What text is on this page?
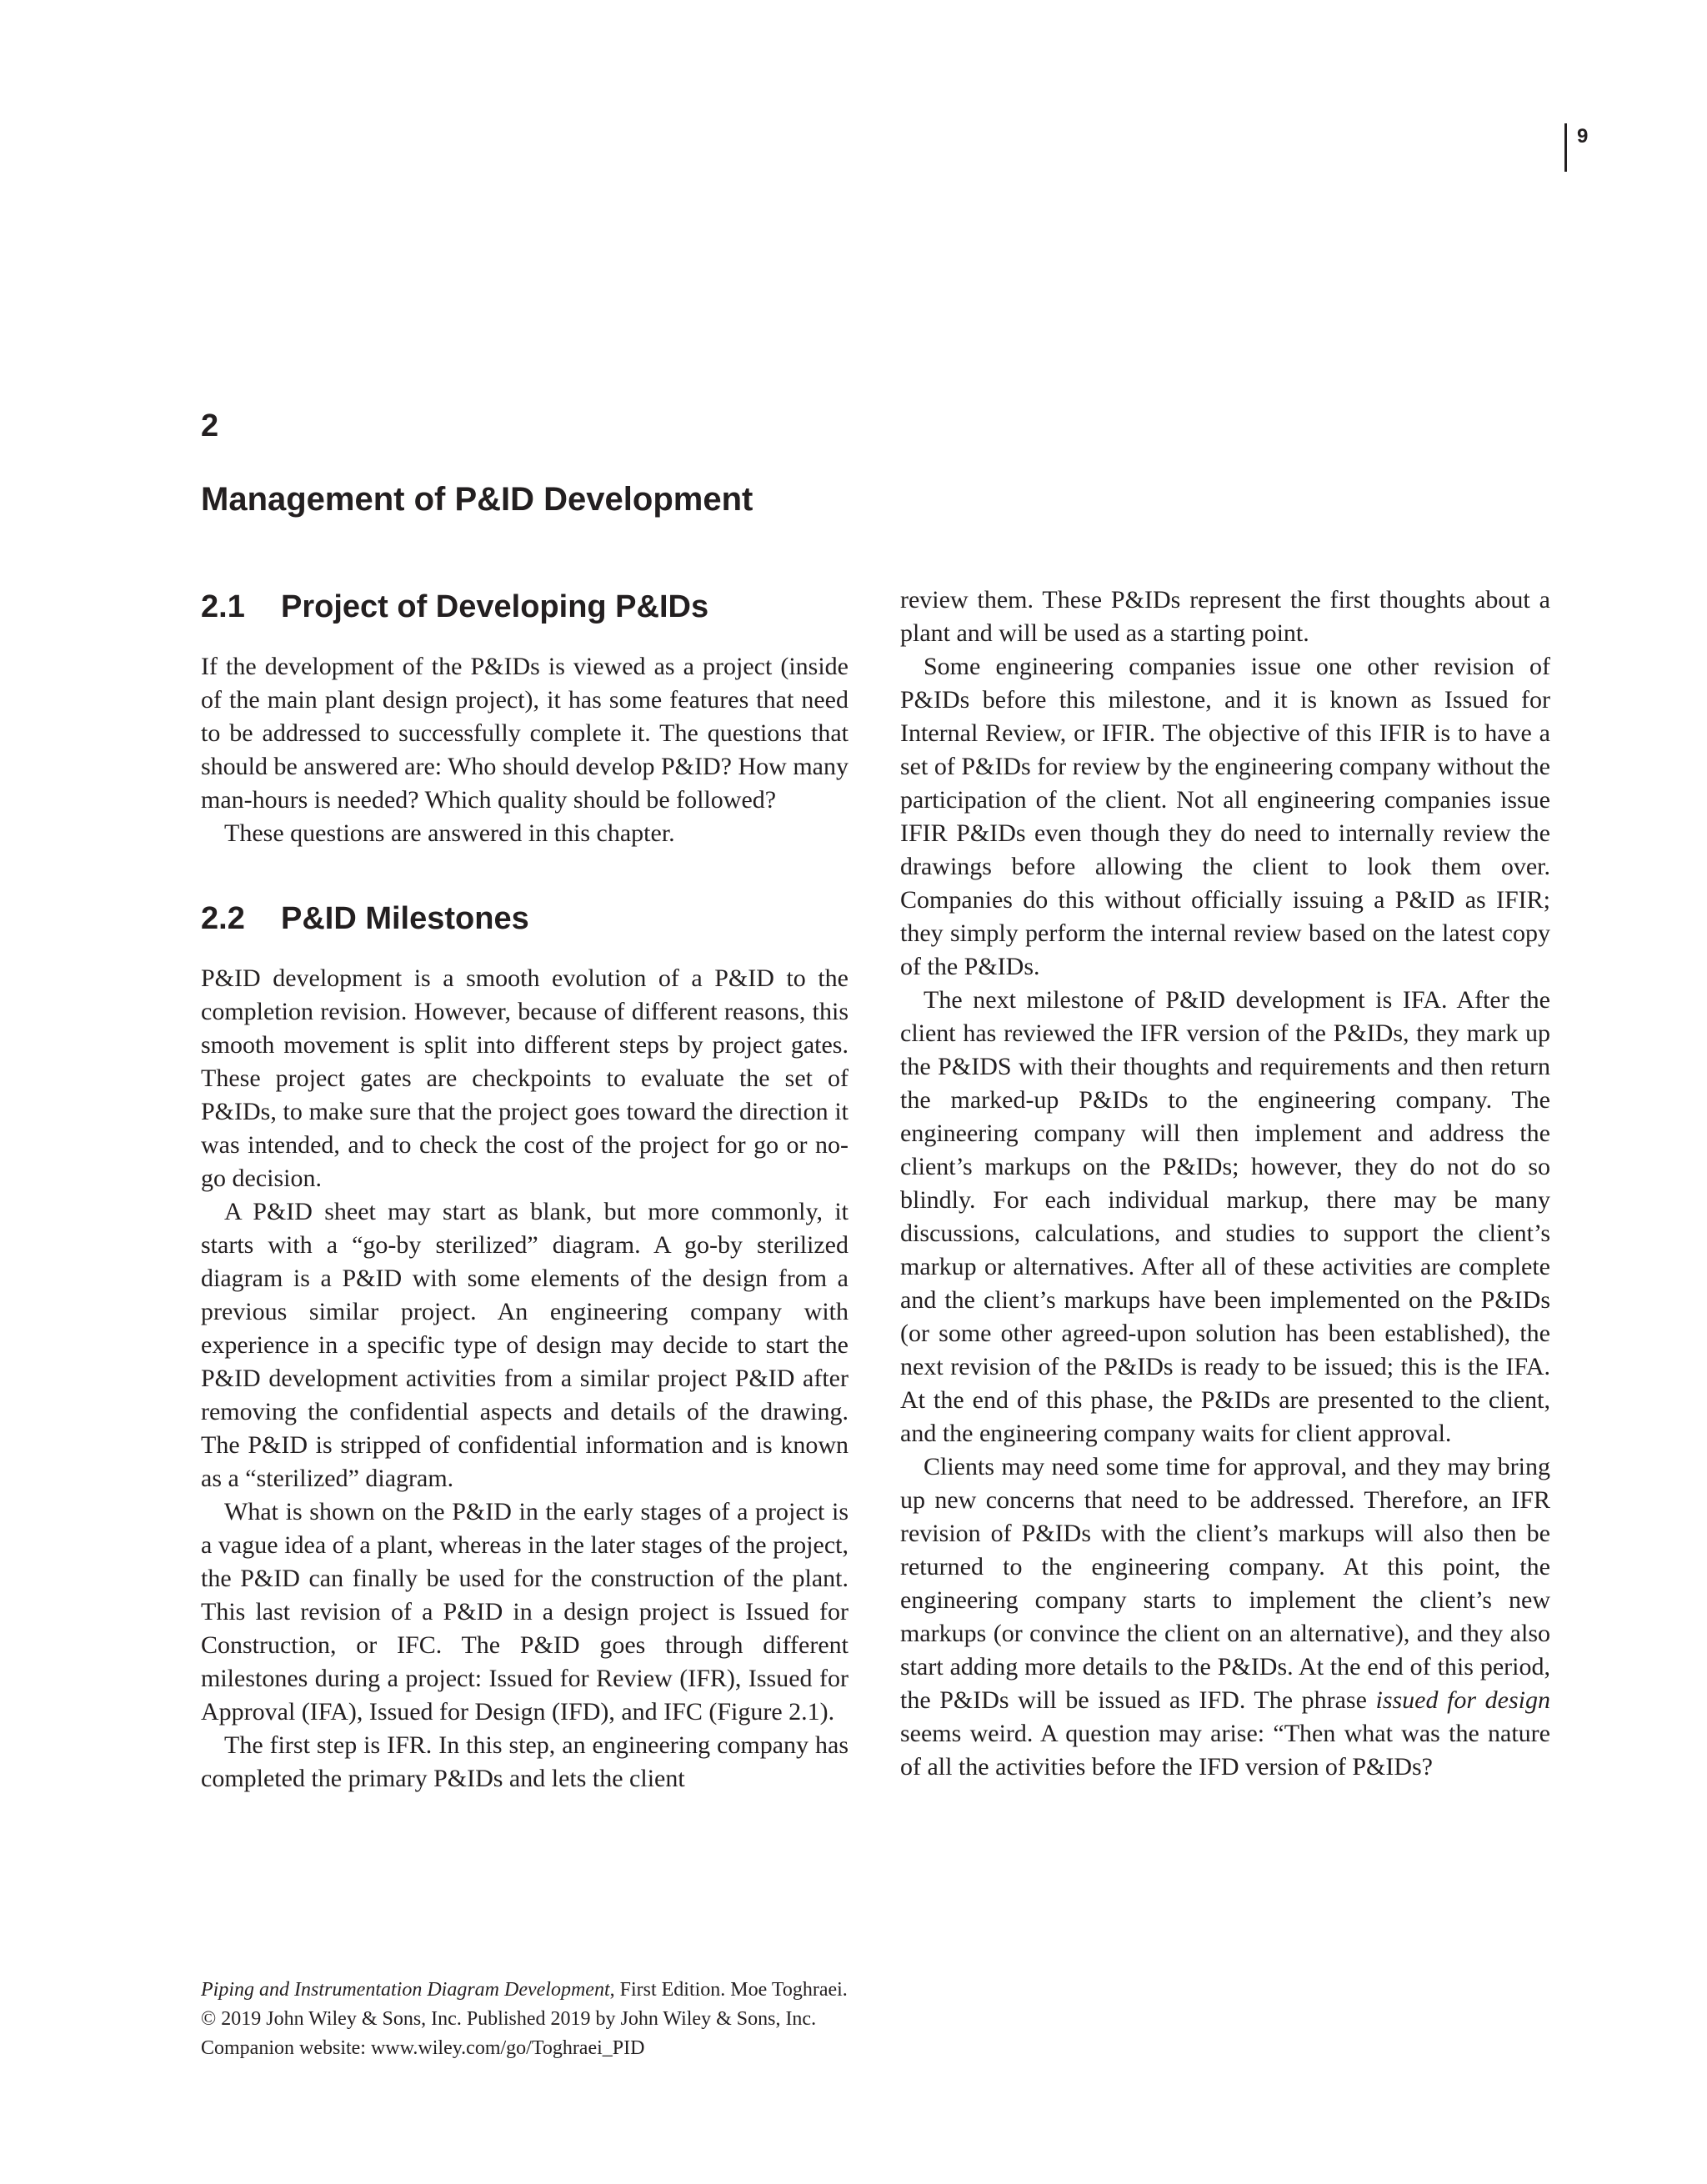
9
2
Management of P&ID Development
2.1 Project of Developing P&IDs

If the development of the P&IDs is viewed as a project (inside of the main plant design project), it has some features that need to be addressed to successfully complete it. The questions that should be answered are: Who should develop P&ID? How many man-hours is needed? Which quality should be followed?

These questions are answered in this chapter.

2.2 P&ID Milestones

P&ID development is a smooth evolution of a P&ID to the completion revision. However, because of different reasons, this smooth movement is split into different steps by project gates. These project gates are checkpoints to evaluate the set of P&IDs, to make sure that the project goes toward the direction it was intended, and to check the cost of the project for go or no-go decision.

A P&ID sheet may start as blank, but more commonly, it starts with a “go-by sterilized” diagram. A go-by sterilized diagram is a P&ID with some elements of the design from a previous similar project. An engineering company with experience in a specific type of design may decide to start the P&ID development activities from a similar project P&ID after removing the confidential aspects and details of the drawing. The P&ID is stripped of confidential information and is known as a “sterilized” diagram.

What is shown on the P&ID in the early stages of a project is a vague idea of a plant, whereas in the later stages of the project, the P&ID can finally be used for the construction of the plant. This last revision of a P&ID in a design project is Issued for Construction, or IFC. The P&ID goes through different milestones during a project: Issued for Review (IFR), Issued for Approval (IFA), Issued for Design (IFD), and IFC (Figure 2.1).

The first step is IFR. In this step, an engineering company has completed the primary P&IDs and lets the client

review them. These P&IDs represent the first thoughts about a plant and will be used as a starting point.

Some engineering companies issue one other revision of P&IDs before this milestone, and it is known as Issued for Internal Review, or IFIR. The objective of this IFIR is to have a set of P&IDs for review by the engineering company without the participation of the client. Not all engineering companies issue IFIR P&IDs even though they do need to internally review the drawings before allowing the client to look them over. Companies do this without officially issuing a P&ID as IFIR; they simply perform the internal review based on the latest copy of the P&IDs.

The next milestone of P&ID development is IFA. After the client has reviewed the IFR version of the P&IDs, they mark up the P&IDS with their thoughts and requirements and then return the marked-up P&IDs to the engineering company. The engineering company will then implement and address the client’s markups on the P&IDs; however, they do not do so blindly. For each individual markup, there may be many discussions, calculations, and studies to support the client’s markup or alternatives. After all of these activities are complete and the client’s markups have been implemented on the P&IDs (or some other agreed-upon solution has been established), the next revision of the P&IDs is ready to be issued; this is the IFA. At the end of this phase, the P&IDs are presented to the client, and the engineering company waits for client approval.

Clients may need some time for approval, and they may bring up new concerns that need to be addressed. Therefore, an IFR revision of P&IDs with the client’s markups will also then be returned to the engineering company. At this point, the engineering company starts to implement the client’s new markups (or convince the client on an alternative), and they also start adding more details to the P&IDs. At the end of this period, the P&IDs will be issued as IFD. The phrase issued for design seems weird. A question may arise: “Then what was the nature of all the activities before the IFD version of P&IDs?

Piping and Instrumentation Diagram Development, First Edition. Moe Toghraei.
© 2019 John Wiley & Sons, Inc. Published 2019 by John Wiley & Sons, Inc.
Companion website: www.wiley.com/go/Toghraei_PID
